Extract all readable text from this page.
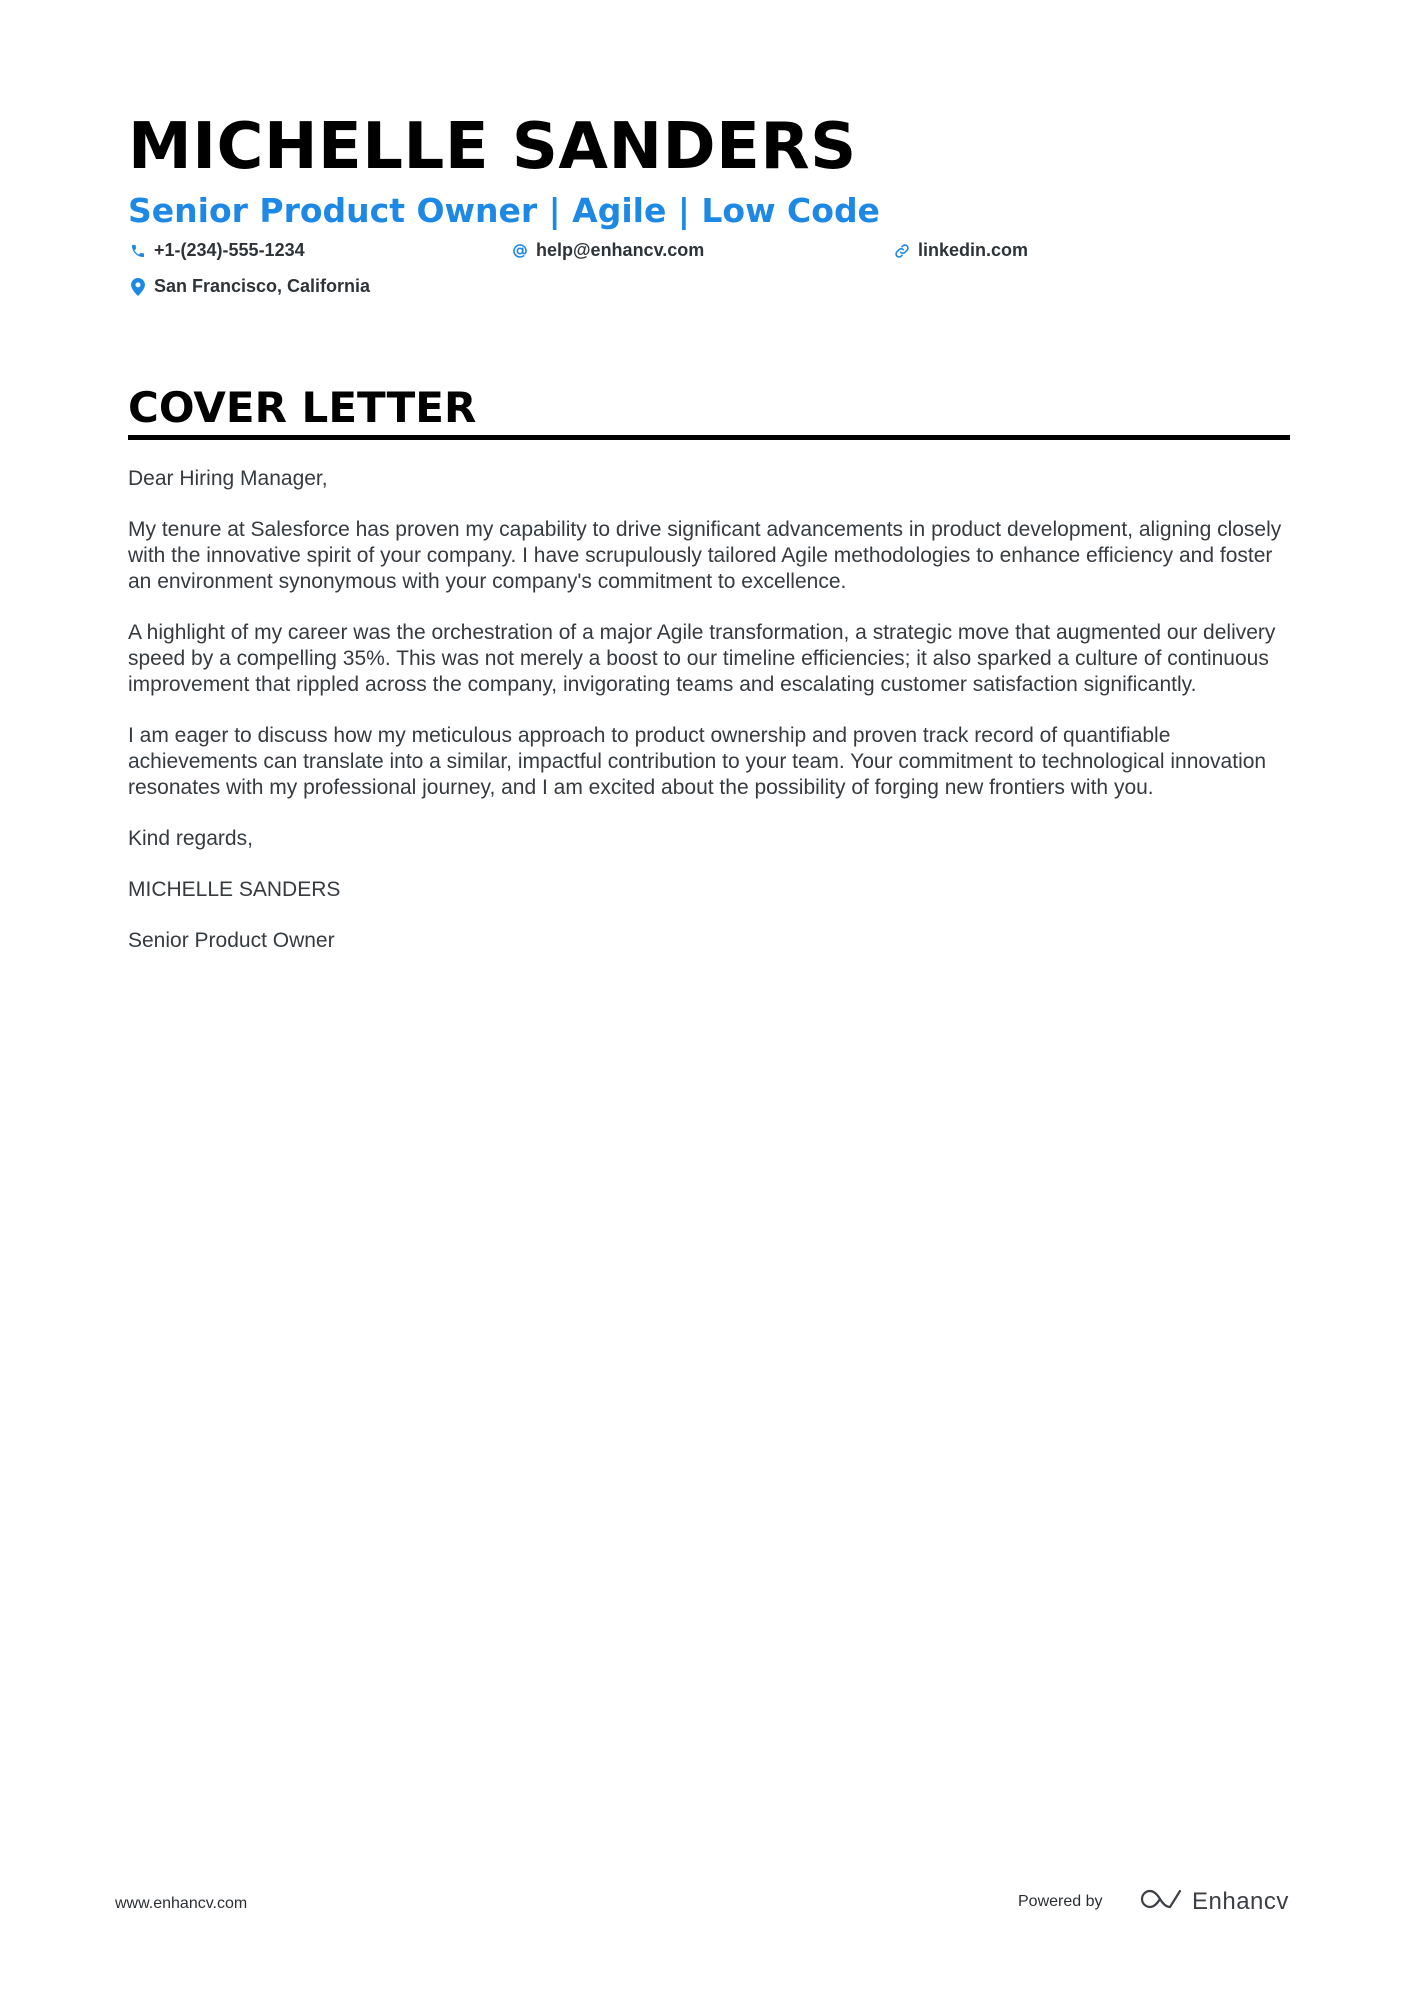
MICHELLE SANDERS
Senior Product Owner | Agile | Low Code
+1-(234)-555-1234	help@enhancv.com	linkedin.com
San Francisco, California
COVER LETTER

Dear Hiring Manager,

My tenure at Salesforce has proven my capability to drive significant advancements in product development, aligning closely with the innovative spirit of your company. I have scrupulously tailored Agile methodologies to enhance efficiency and foster an environment synonymous with your company's commitment to excellence.

A highlight of my career was the orchestration of a major Agile transformation, a strategic move that augmented our delivery speed by a compelling 35%. This was not merely a boost to our timeline efficiencies; it also sparked a culture of continuous improvement that rippled across the company, invigorating teams and escalating customer satisfaction significantly.

I am eager to discuss how my meticulous approach to product ownership and proven track record of quantifiable achievements can translate into a similar, impactful contribution to your team. Your commitment to technological innovation resonates with my professional journey, and I am excited about the possibility of forging new frontiers with you.

Kind regards,

MICHELLE SANDERS

Senior Product Owner

www.enhancv.com	Powered by	Enhancv
